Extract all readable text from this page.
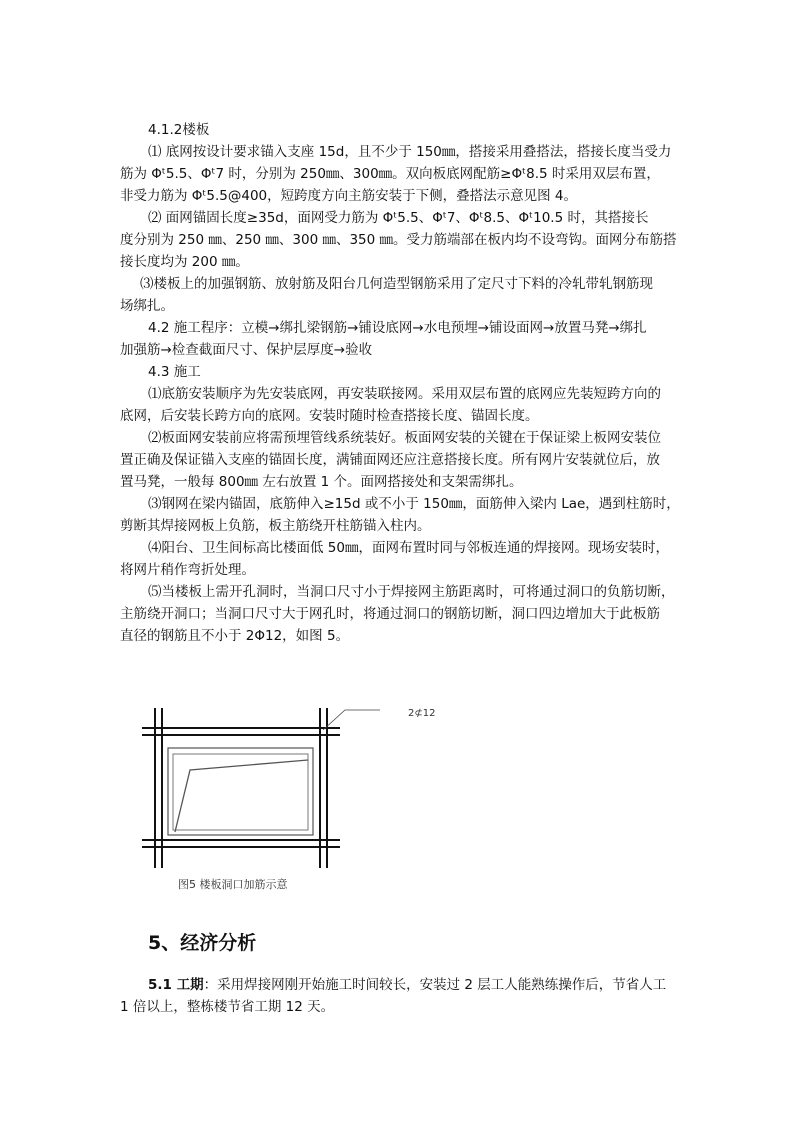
4.1.2楼板
⑴ 底网按设计要求锚入支座 15d，且不少于 150㎜，搭接采用叠搭法，搭接长度当受力
筋为 Φᵗ5.5、Φᵗ7 时，分别为 250㎜、300㎜。双向板底网配筋≥Φᵗ8.5 时采用双层布置，
非受力筋为 Φᵗ5.5@400，短跨度方向主筋安装于下侧，叠搭法示意见图 4。
⑵ 面网锚固长度≥35d，面网受力筋为 Φᵗ5.5、Φᵗ7、Φᵗ8.5、Φᵗ10.5 时，其搭接长
度分别为 250 ㎜、250 ㎜、300 ㎜、350 ㎜。受力筋端部在板内均不设弯钩。面网分布筋搭
接长度均为 200 ㎜。
⑶楼板上的加强钢筋、放射筋及阳台几何造型钢筋采用了定尺寸下料的冷轧带轧钢筋现
场绑扎。
4.2 施工程序：立模→绑扎梁钢筋→铺设底网→水电预埋→铺设面网→放置马凳→绑扎
加强筋→检查截面尺寸、保护层厚度→验收
4.3 施工
⑴底筋安装顺序为先安装底网，再安装联接网。采用双层布置的底网应先装短跨方向的
底网，后安装长跨方向的底网。安装时随时检查搭接长度、锚固长度。
⑵板面网安装前应将需预埋管线系统装好。板面网安装的关键在于保证梁上板网安装位
置正确及保证锚入支座的锚固长度，满铺面网还应注意搭接长度。所有网片安装就位后，放
置马凳，一般每 800㎜ 左右放置 1 个。面网搭接处和支架需绑扎。
⑶钢网在梁内锚固，底筋伸入≥15d 或不小于 150㎜，面筋伸入梁内 Lae，遇到柱筋时，
剪断其焊接网板上负筋，板主筋绕开柱筋锚入柱内。
⑷阳台、卫生间标高比楼面低 50㎜，面网布置时同与邻板连通的焊接网。现场安装时，
将网片稍作弯折处理。
⑸当楼板上需开孔洞时，当洞口尺寸小于焊接网主筋距离时，可将通过洞口的负筋切断，
主筋绕开洞口；当洞口尺寸大于网孔时，将通过洞口的钢筋切断，洞口四边增加大于此板筋
直径的钢筋且不小于 2Φ12，如图 5。
2⊄12
图5 楼板洞口加筋示意
5、经济分析
5.1 工期：采用焊接网刚开始施工时间较长，安装过 2 层工人能熟练操作后，节省人工
1 倍以上，整栋楼节省工期 12 天。
